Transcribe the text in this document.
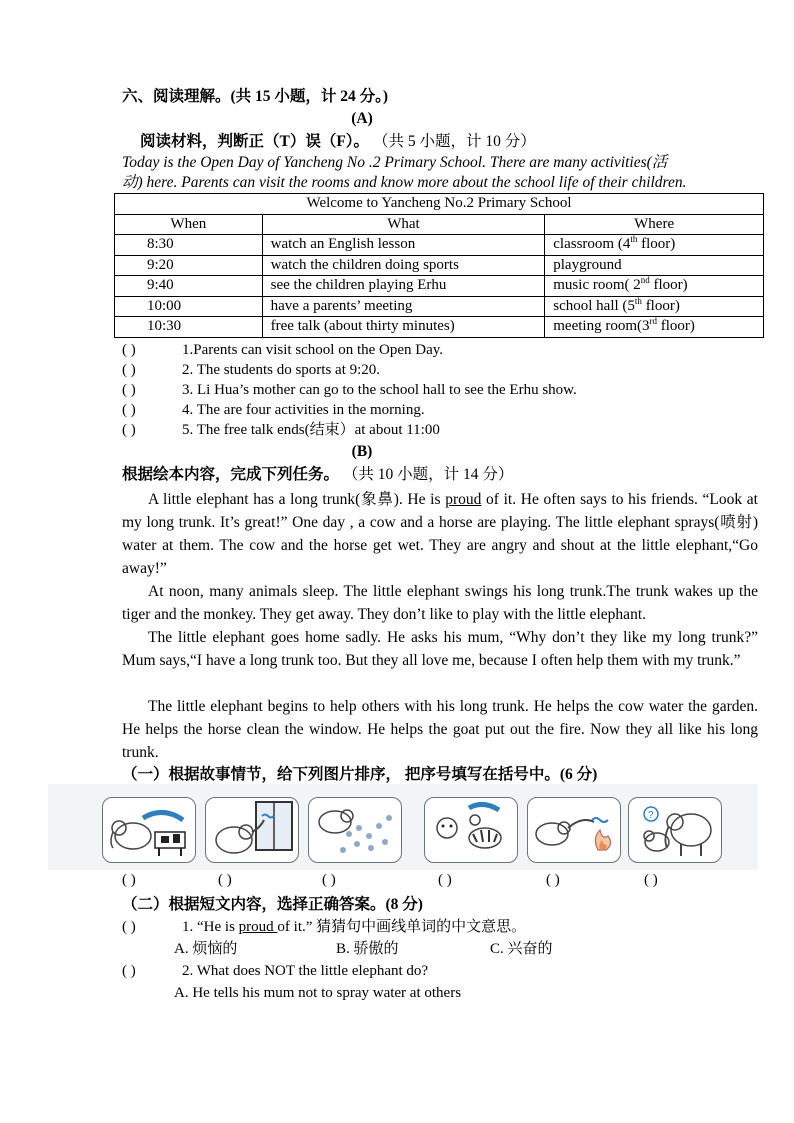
六、阅读理解。(共 15 小题，计 24 分。)
(A)
阅读材料，判断正（T）误（F）。 （共 5 小题，计 10 分）
Today is the Open Day of Yancheng No .2 Primary School. There are many activities(活
动) here. Parents can visit the rooms and know more about the school life of their children.
Welcome to Yancheng No.2 Primary School		
When	What	Where
8:30	watch an English lesson	classroom (4th floor)
9:20	watch the children doing sports	playground
9:40	see the children playing Erhu	music room( 2nd floor)
10:00	have a parents’ meeting	school hall (5th floor)
10:30	free talk (about thirty minutes)	meeting room(3rd floor)
( )	1.Parents can visit school on the Open Day.
( )	2. The students do sports at 9:20.
( )	3. Li Hua’s mother can go to the school hall to see the Erhu show.
( )	4. The are four activities in the morning.
( )	5. The free talk ends(结束）at about 11:00
(B)
根据绘本内容，完成下列任务。 （共 10 小题，计 14 分）
A little elephant has a long trunk(象鼻). He is proud of it. He often says to his friends. “Look at my long trunk. It’s great!” One day , a cow and a horse are playing. The little elephant sprays(喷射) water at them. The cow and the horse get wet. They are angry and shout at the little elephant,“Go away!”
At noon, many animals sleep. The little elephant swings his long trunk.The trunk wakes up the tiger and the monkey. They get away. They don’t like to play with the little elephant.
The little elephant goes home sadly. He asks his mum, “Why don’t they like my long trunk?” Mum says,“I have a long trunk too. But they all love me, because I often help them with my trunk.”
The little elephant begins to help others with his long trunk. He helps the cow water the garden. He helps the horse clean the window. He helps the goat put out the fire. Now they all like his long trunk.
（一）根据故事情节，给下列图片排序， 把序号填写在括号中。(6 分)
?
( )	( )	( )	( )	( )	( )
（二）根据短文内容，选择正确答案。(8 分)
( )	1. “He is proud of it.” 猜猜句中画线单词的中文意思。
A. 烦恼的	B. 骄傲的	C. 兴奋的
( )	2. What does NOT the little elephant do?
A. He tells his mum not to spray water at others
